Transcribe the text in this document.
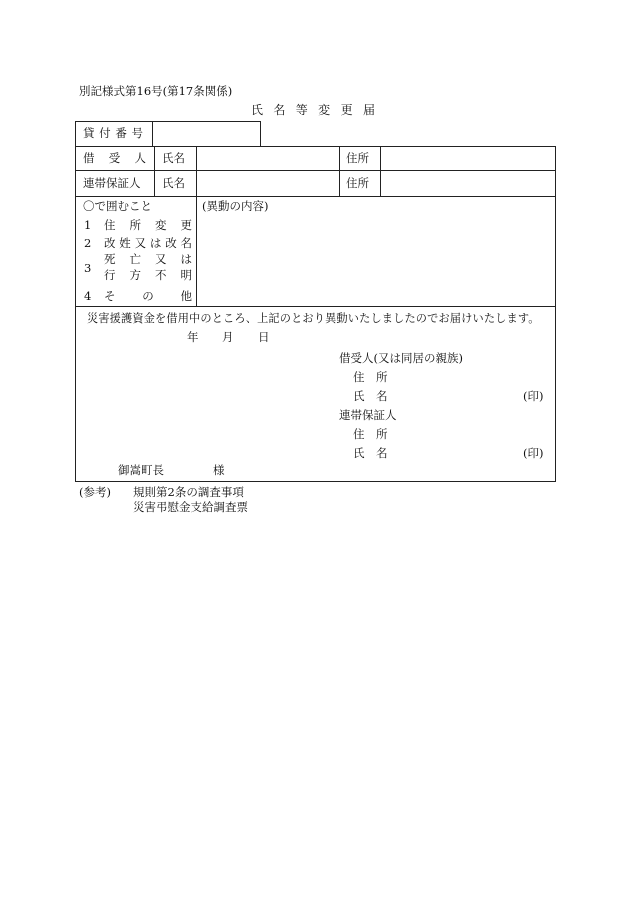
別記様式第16号(第17条関係)
氏 名 等 変 更 届
貸 付 番 号
借 受 人 氏名	住所
連帯保証人 氏名	住所
〇で囲むこと	(異動の内容)
1 住 所 変 更
2 改 姓 又 は 改 名
3
死 亡 又 は
行 方 不 明
4 そ の 他
災害援護資金を借用中のところ、上記のとおり異動いたしましたのでお届けいたします。
年 月 日
借受人(又は同居の親族)
住　所
氏　名	(印)
連帯保証人
住　所
氏　名	(印)
御嵩町長	様
(参考) 規則第2条の調査事項
災害弔慰金支給調査票
